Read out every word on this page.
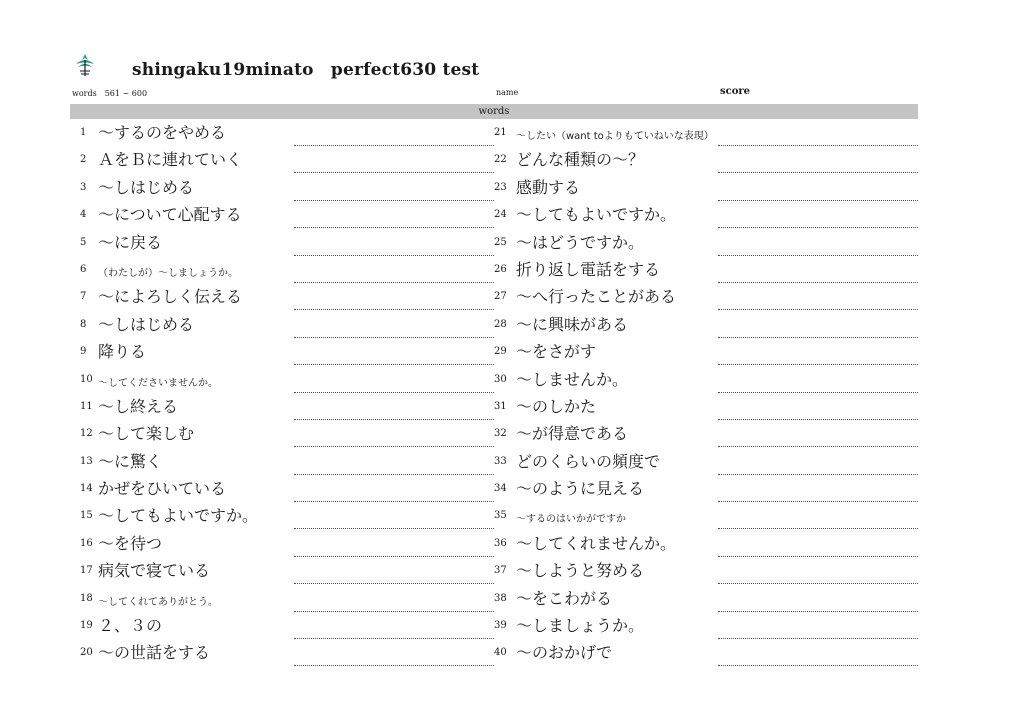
shingaku19minato　perfect630 test
words　561 ~ 600	name	score
words
1 ～するのをやめる
2 ＡをＢに連れていく
3 ～しはじめる
4 ～について心配する
5 ～に戻る
6	（わたしが）～しましょうか。
7 ～によろしく伝える
8 ～しはじめる
9 降りる
10 ～してくださいませんか。
11 ～し終える
12 ～して楽しむ
13 ～に驚く
14 かぜをひいている
15 ～してもよいですか。
16 ～を待つ
17 病気で寝ている
18 ～してくれてありがとう。
19 ２、３の
20 ～の世話をする
21 ～したい（want toよりもていねいな表現）
22 どんな種類の～？
23 感動する
24 ～してもよいですか。
25 ～はどうですか。
26 折り返し電話をする
27 ～へ行ったことがある
28 ～に興味がある
29 ～をさがす
30 ～しませんか。
31 ～のしかた
32 ～が得意である
33 どのくらいの頻度で
34 ～のように見える
35 ～するのはいかがですか
36 ～してくれませんか。
37 ～しようと努める
38 ～をこわがる
39 ～しましょうか。
40 ～のおかげで
